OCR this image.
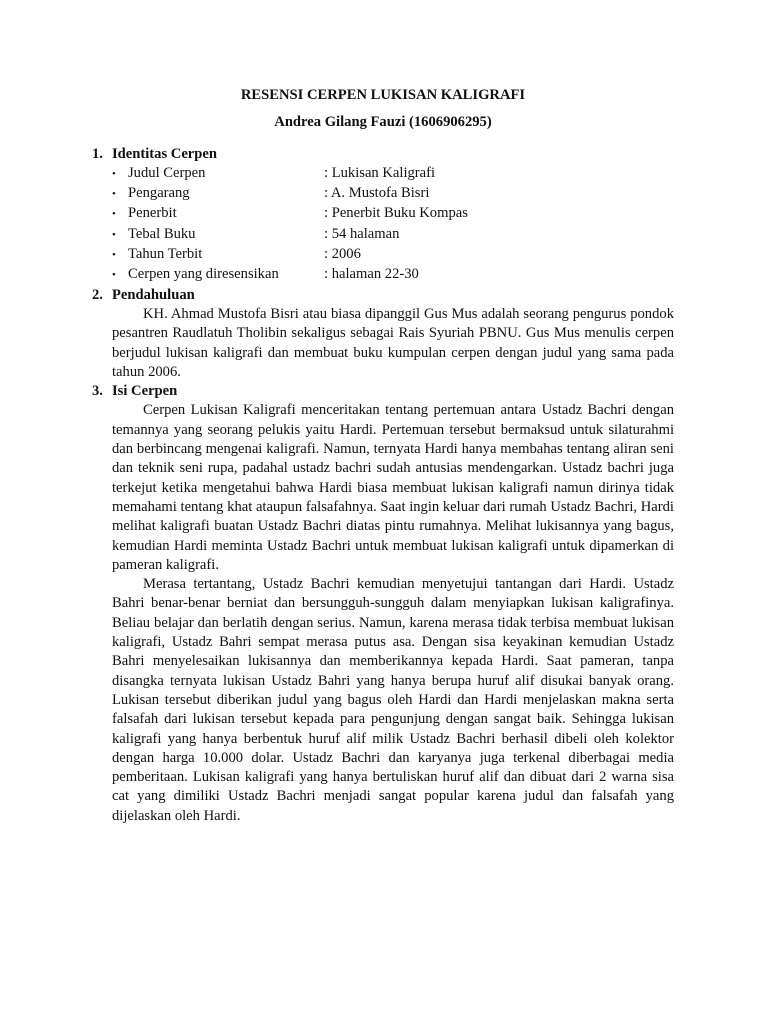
RESENSI CERPEN LUKISAN KALIGRAFI

Andrea Gilang Fauzi (1606906295)

1. Identitas Cerpen
• Judul Cerpen	: Lukisan Kaligrafi
• Pengarang	: A. Mustofa Bisri
• Penerbit	: Penerbit Buku Kompas
• Tebal Buku	: 54 halaman
• Tahun Terbit	: 2006
• Cerpen yang diresensikan	: halaman 22-30
2. Pendahuluan

KH. Ahmad Mustofa Bisri atau biasa dipanggil Gus Mus adalah seorang pengurus pondok pesantren Raudlatuh Tholibin sekaligus sebagai Rais Syuriah PBNU. Gus Mus menulis cerpen berjudul lukisan kaligrafi dan membuat buku kumpulan cerpen dengan judul yang sama pada tahun 2006.

3. Isi Cerpen

Cerpen Lukisan Kaligrafi menceritakan tentang pertemuan antara Ustadz Bachri dengan temannya yang seorang pelukis yaitu Hardi. Pertemuan tersebut bermaksud untuk silaturahmi dan berbincang mengenai kaligrafi. Namun, ternyata Hardi hanya membahas tentang aliran seni dan teknik seni rupa, padahal ustadz bachri sudah antusias mendengarkan. Ustadz bachri juga terkejut ketika mengetahui bahwa Hardi biasa membuat lukisan kaligrafi namun dirinya tidak memahami tentang khat ataupun falsafahnya. Saat ingin keluar dari rumah Ustadz Bachri, Hardi melihat kaligrafi buatan Ustadz Bachri diatas pintu rumahnya. Melihat lukisannya yang bagus, kemudian Hardi meminta Ustadz Bachri untuk membuat lukisan kaligrafi untuk dipamerkan di pameran kaligrafi.

Merasa tertantang, Ustadz Bachri kemudian menyetujui tantangan dari Hardi. Ustadz Bahri benar-benar berniat dan bersungguh-sungguh dalam menyiapkan lukisan kaligrafinya. Beliau belajar dan berlatih dengan serius. Namun, karena merasa tidak terbisa membuat lukisan kaligrafi, Ustadz Bahri sempat merasa putus asa. Dengan sisa keyakinan kemudian Ustadz Bahri menyelesaikan lukisannya dan memberikannya kepada Hardi. Saat pameran, tanpa disangka ternyata lukisan Ustadz Bahri yang hanya berupa huruf alif disukai banyak orang. Lukisan tersebut diberikan judul yang bagus oleh Hardi dan Hardi menjelaskan makna serta falsafah dari lukisan tersebut kepada para pengunjung dengan sangat baik. Sehingga lukisan kaligrafi yang hanya berbentuk huruf alif milik Ustadz Bachri berhasil dibeli oleh kolektor dengan harga 10.000 dolar. Ustadz Bachri dan karyanya juga terkenal diberbagai media pemberitaan. Lukisan kaligrafi yang hanya bertuliskan huruf alif dan dibuat dari 2 warna sisa cat yang dimiliki Ustadz Bachri menjadi sangat popular karena judul dan falsafah yang dijelaskan oleh Hardi.
